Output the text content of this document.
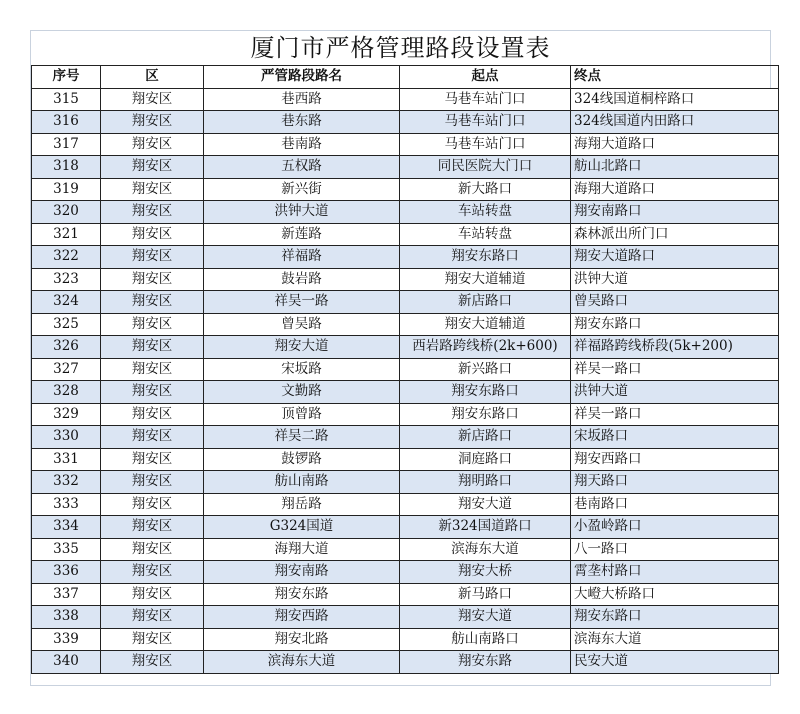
厦门市严格管理路段设置表
序号	区	严管路段路名	起点	终点
315	翔安区	巷西路	马巷车站门口	324线国道桐梓路口
316	翔安区	巷东路	马巷车站门口	324线国道内田路口
317	翔安区	巷南路	马巷车站门口	海翔大道路口
318	翔安区	五权路	同民医院大门口	舫山北路口
319	翔安区	新兴街	新大路口	海翔大道路口
320	翔安区	洪钟大道	车站转盘	翔安南路口
321	翔安区	新莲路	车站转盘	森林派出所门口
322	翔安区	祥福路	翔安东路口	翔安大道路口
323	翔安区	鼓岩路	翔安大道辅道	洪钟大道
324	翔安区	祥吴一路	新店路口	曾吴路口
325	翔安区	曾吴路	翔安大道辅道	翔安东路口
326	翔安区	翔安大道	西岩路跨线桥(2k+600)	祥福路跨线桥段(5k+200)
327	翔安区	宋坂路	新兴路口	祥吴一路口
328	翔安区	文勤路	翔安东路口	洪钟大道
329	翔安区	顶曾路	翔安东路口	祥吴一路口
330	翔安区	祥吴二路	新店路口	宋坂路口
331	翔安区	鼓锣路	洞庭路口	翔安西路口
332	翔安区	舫山南路	翔明路口	翔天路口
333	翔安区	翔岳路	翔安大道	巷南路口
334	翔安区	G324国道	新324国道路口	小盈岭路口
335	翔安区	海翔大道	滨海东大道	八一路口
336	翔安区	翔安南路	翔安大桥	霄垄村路口
337	翔安区	翔安东路	新马路口	大嶝大桥路口
338	翔安区	翔安西路	翔安大道	翔安东路口
339	翔安区	翔安北路	舫山南路口	滨海东大道
340	翔安区	滨海东大道	翔安东路	民安大道
